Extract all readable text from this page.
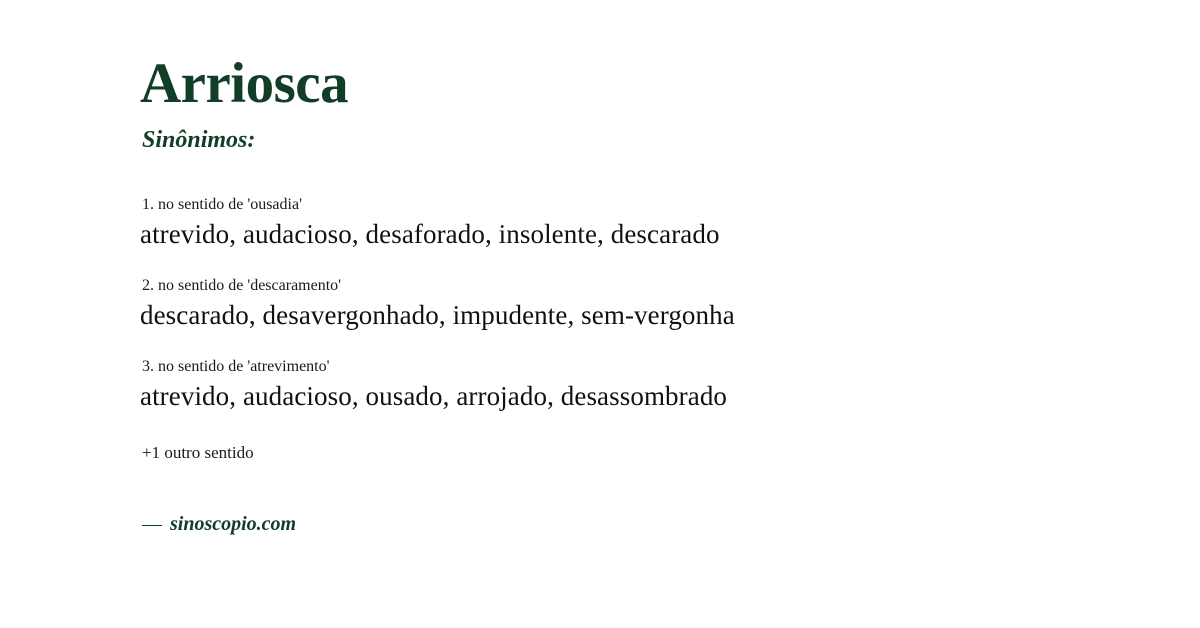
Arriosca
Sinônimos:
1. no sentido de 'ousadia'
atrevido, audacioso, desaforado, insolente, descarado
2. no sentido de 'descaramento'
descarado, desavergonhado, impudente, sem-vergonha
3. no sentido de 'atrevimento'
atrevido, audacioso, ousado, arrojado, desassombrado
+1 outro sentido
— sinoscopio.com
